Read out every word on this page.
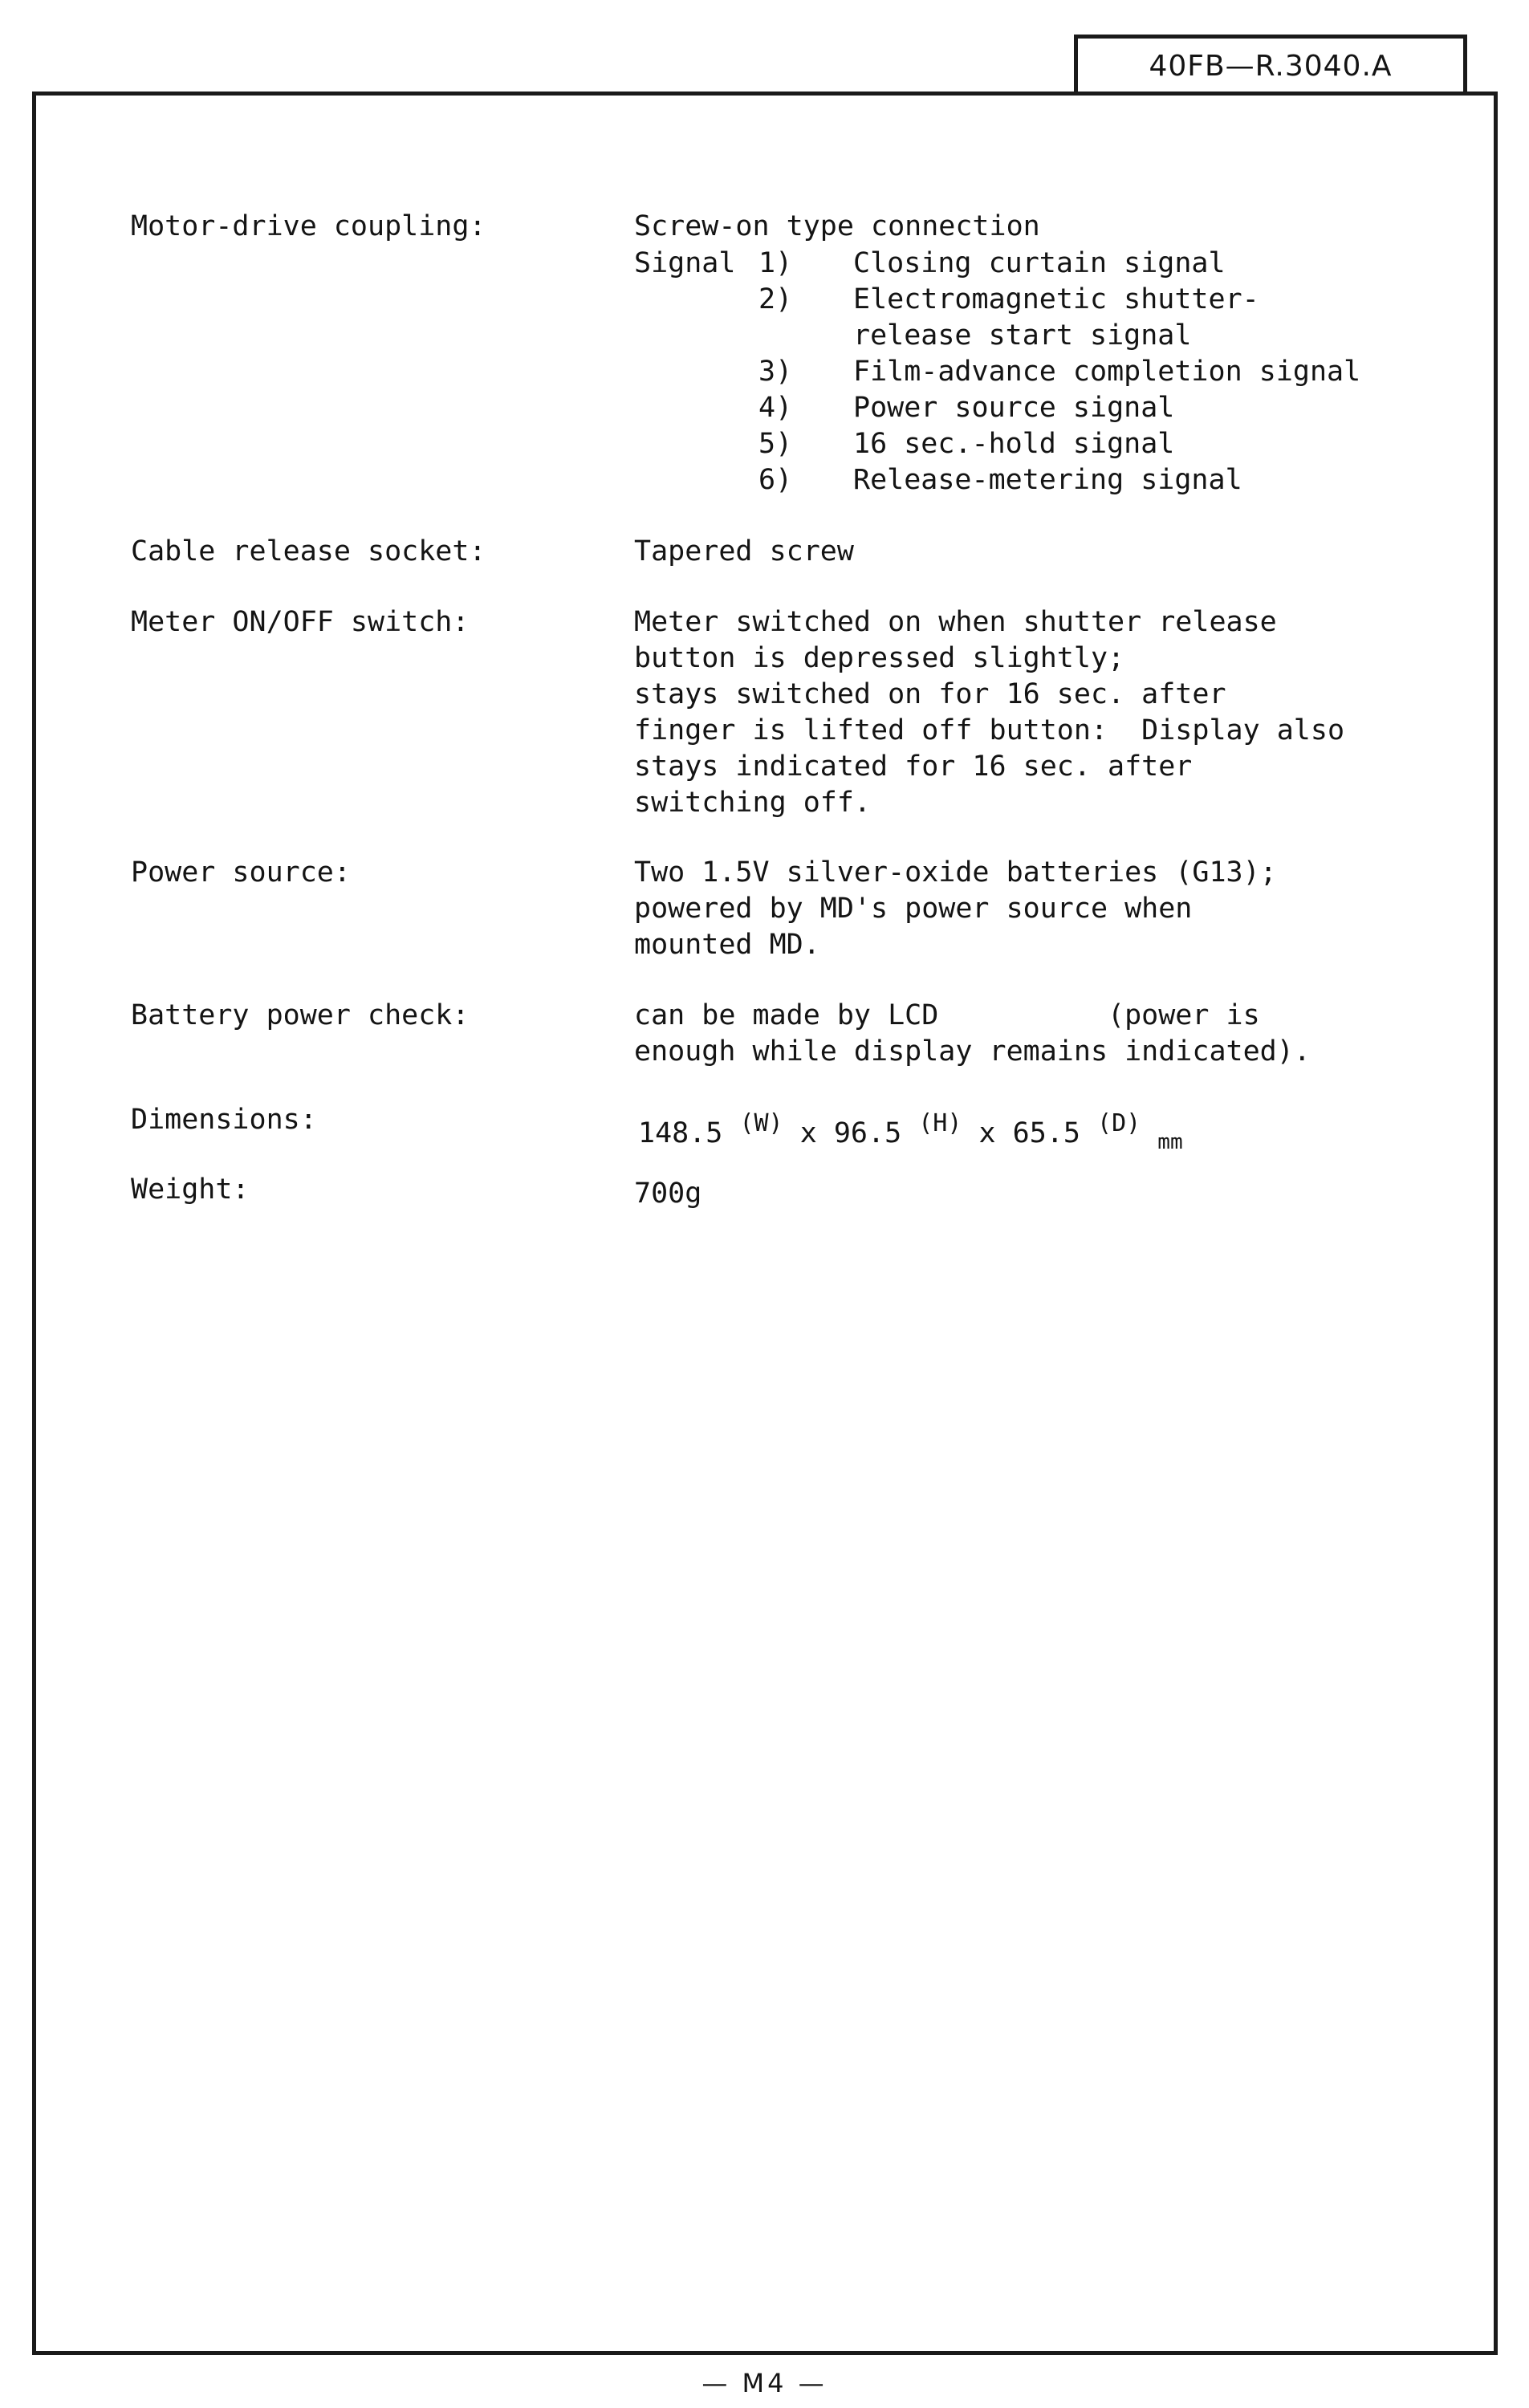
40FB—R.3040.A
Motor-drive coupling:	Screw-on type connection
Signal 1)	Closing curtain signal
2)	Electromagnetic shutter-
release start signal
3)	Film-advance completion signal
4)	Power source signal
5)	16 sec.-hold signal
6)	Release-metering signal
Cable release socket:	Tapered screw
Meter ON/OFF switch:	Meter switched on when shutter release
button is depressed slightly;
stays switched on for 16 sec. after
finger is lifted off button:  Display also
stays indicated for 16 sec. after
switching off.
Power source:	Two 1.5V silver-oxide batteries (G13);
powered by MD's power source when
mounted MD.
Battery power check:	can be made by LCD          (power is
enough while display remains indicated).
Dimensions:	148.5 $^{(W)}$ x 96.5 $^{(H)}$ x 65.5 $^{(D)}$ $_{mm}$
Weight:	700g
— M4 —
